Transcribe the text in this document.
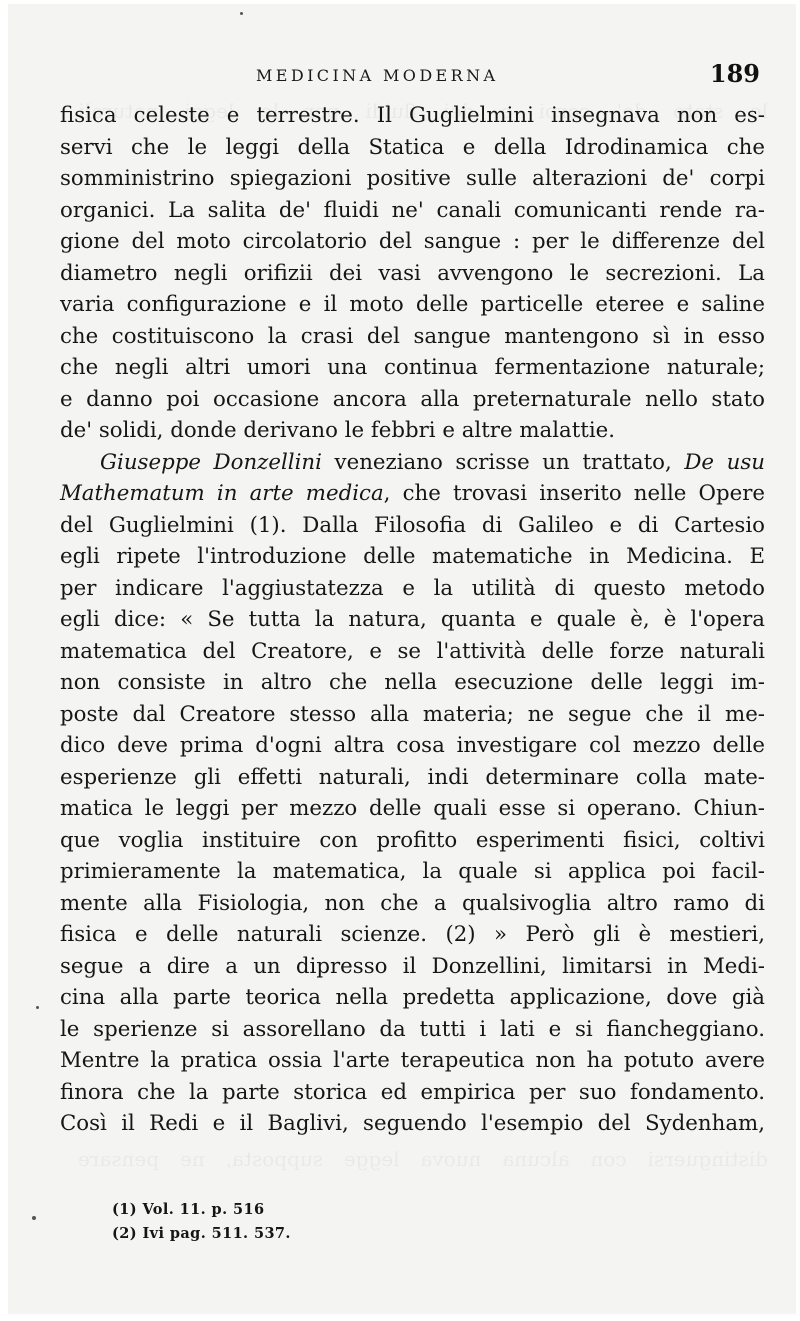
MEDICINA MODERNA	189
fisica celeste e terrestre. Il Guglielmini insegnava non es-
servi che le leggi della Statica e della Idrodinamica che
somministrino spiegazioni positive sulle alterazioni de' corpi
organici. La salita de' fluidi ne' canali comunicanti rende ra-
gione del moto circolatorio del sangue : per le differenze del
diametro negli orifizii dei vasi avvengono le secrezioni. La
varia configurazione e il moto delle particelle eteree e saline
che costituiscono la crasi del sangue mantengono sì in esso
che negli altri umori una continua fermentazione naturale;
e danno poi occasione ancora alla preternaturale nello stato
de' solidi, donde derivano le febbri e altre malattie.
Giuseppe Donzellini veneziano scrisse un trattato, De usu
Mathematum in arte medica, che trovasi inserito nelle Opere
del Guglielmini (1). Dalla Filosofia di Galileo e di Cartesio
egli ripete l'introduzione delle matematiche in Medicina. E
per indicare l'aggiustatezza e la utilità di questo metodo
egli dice: « Se tutta la natura, quanta e quale è, è l'opera
matematica del Creatore, e se l'attività delle forze naturali
non consiste in altro che nella esecuzione delle leggi im-
poste dal Creatore stesso alla materia; ne segue che il me-
dico deve prima d'ogni altra cosa investigare col mezzo delle
esperienze gli effetti naturali, indi determinare colla mate-
matica le leggi per mezzo delle quali esse si operano. Chiun-
que voglia instituire con profitto esperimenti fisici, coltivi
primieramente la matematica, la quale si applica poi facil-
mente alla Fisiologia, non che a qualsivoglia altro ramo di
fisica e delle naturali scienze. (2) » Però gli è mestieri,
segue a dire a un dipresso il Donzellini, limitarsi in Medi-
cina alla parte teorica nella predetta applicazione, dove già
le sperienze si assorellano da tutti i lati e si fiancheggiano.
Mentre la pratica ossia l'arte terapeutica non ha potuto avere
finora che la parte storica ed empirica per suo fondamento.
Così il Redi e il Baglivi, seguendo l'esempio del Sydenham,
(1) Vol. 11. p. 516
(2) Ivi pag. 511. 537.
